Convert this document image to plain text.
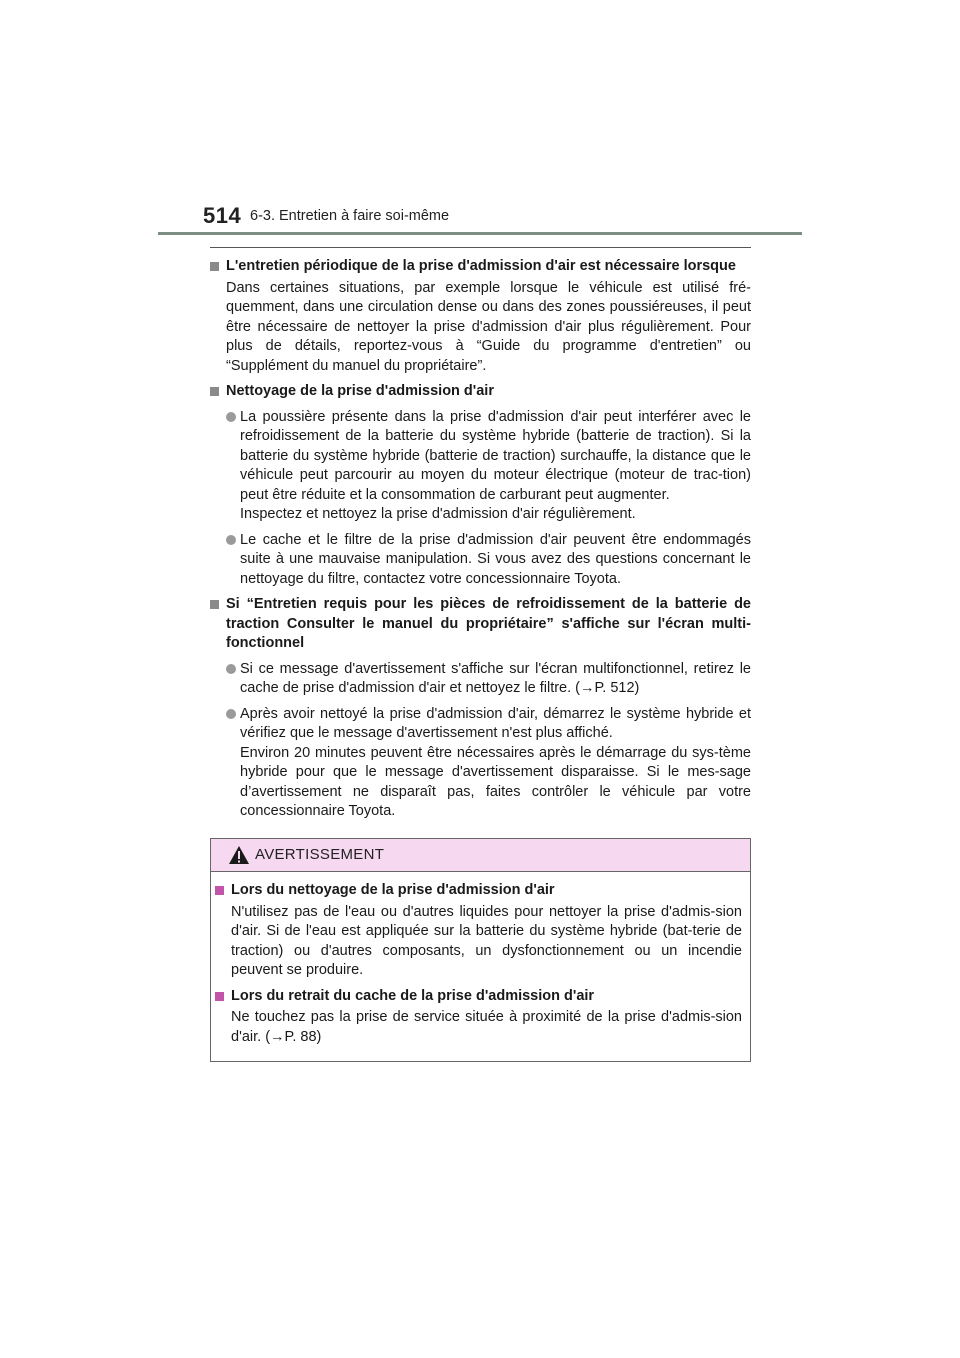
514 6-3. Entretien à faire soi-même
L'entretien périodique de la prise d'admission d'air est nécessaire lorsque
Dans certaines situations, par exemple lorsque le véhicule est utilisé fré-quemment, dans une circulation dense ou dans des zones poussiéreuses, il peut être nécessaire de nettoyer la prise d'admission d'air plus régulièrement. Pour plus de détails, reportez-vous à “Guide du programme d'entretien” ou “Supplément du manuel du propriétaire”.
Nettoyage de la prise d'admission d'air
La poussière présente dans la prise d'admission d'air peut interférer avec le refroidissement de la batterie du système hybride (batterie de traction). Si la batterie du système hybride (batterie de traction) surchauffe, la distance que le véhicule peut parcourir au moyen du moteur électrique (moteur de trac-tion) peut être réduite et la consommation de carburant peut augmenter.
Inspectez et nettoyez la prise d'admission d'air régulièrement.
Le cache et le filtre de la prise d'admission d'air peuvent être endommagés suite à une mauvaise manipulation. Si vous avez des questions concernant le nettoyage du filtre, contactez votre concessionnaire Toyota.
Si “Entretien requis pour les pièces de refroidissement de la batterie de traction Consulter le manuel du propriétaire” s'affiche sur l'écran multi-fonctionnel
Si ce message d'avertissement s'affiche sur l'écran multifonctionnel, retirez le cache de prise d'admission d'air et nettoyez le filtre. (→P. 512)
Après avoir nettoyé la prise d'admission d'air, démarrez le système hybride et vérifiez que le message d'avertissement n'est plus affiché.
Environ 20 minutes peuvent être nécessaires après le démarrage du sys-tème hybride pour que le message d'avertissement disparaisse. Si le mes-sage d’avertissement ne disparaît pas, faites contrôler le véhicule par votre concessionnaire Toyota.
AVERTISSEMENT
Lors du nettoyage de la prise d'admission d'air
N'utilisez pas de l'eau ou d'autres liquides pour nettoyer la prise d'admis-sion d'air. Si de l'eau est appliquée sur la batterie du système hybride (bat-terie de traction) ou d'autres composants, un dysfonctionnement ou un incendie peuvent se produire.
Lors du retrait du cache de la prise d'admission d'air
Ne touchez pas la prise de service située à proximité de la prise d'admis-sion d'air. (→P. 88)
